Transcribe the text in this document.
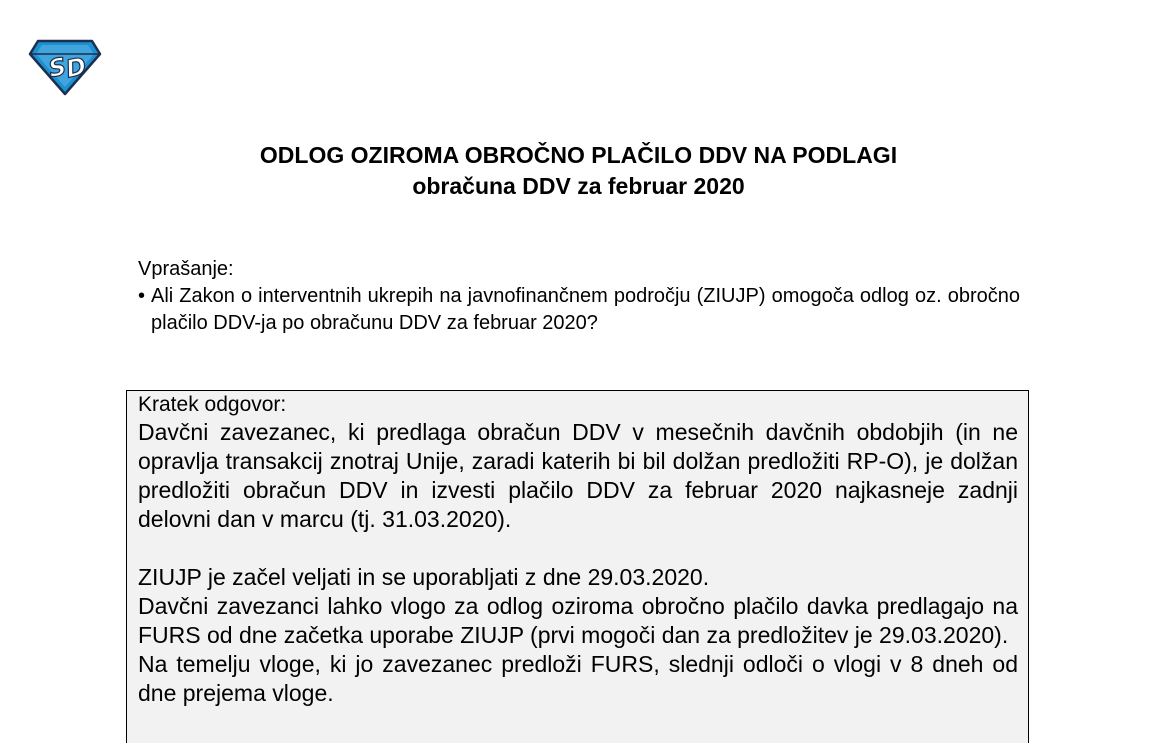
S
D
ODLOG OZIROMA OBROČNO PLAČILO DDV NA PODLAGI
obračuna DDV za februar 2020
Vprašanje:
• Ali Zakon o interventnih ukrepih na javnofinančnem področju (ZIUJP) omogoča odlog oz. obročno plačilo DDV-ja po obračunu DDV za februar 2020?
Kratek odgovor:

Davčni zavezanec, ki predlaga obračun DDV v mesečnih davčnih obdobjih (in ne opravlja transakcij znotraj Unije, zaradi katerih bi bil dolžan predložiti RP-O), je dolžan predložiti obračun DDV in izvesti plačilo DDV za februar 2020 najkasneje zadnji delovni dan v marcu (tj. 31.03.2020).

ZIUJP je začel veljati in se uporabljati z dne 29.03.2020.

Davčni zavezanci lahko vlogo za odlog oziroma obročno plačilo davka predlagajo na FURS od dne začetka uporabe ZIUJP (prvi mogoči dan za predložitev je 29.03.2020).

Na temelju vloge, ki jo zavezanec predloži FURS, slednji odloči o vlogi v 8 dneh od dne prejema vloge.
